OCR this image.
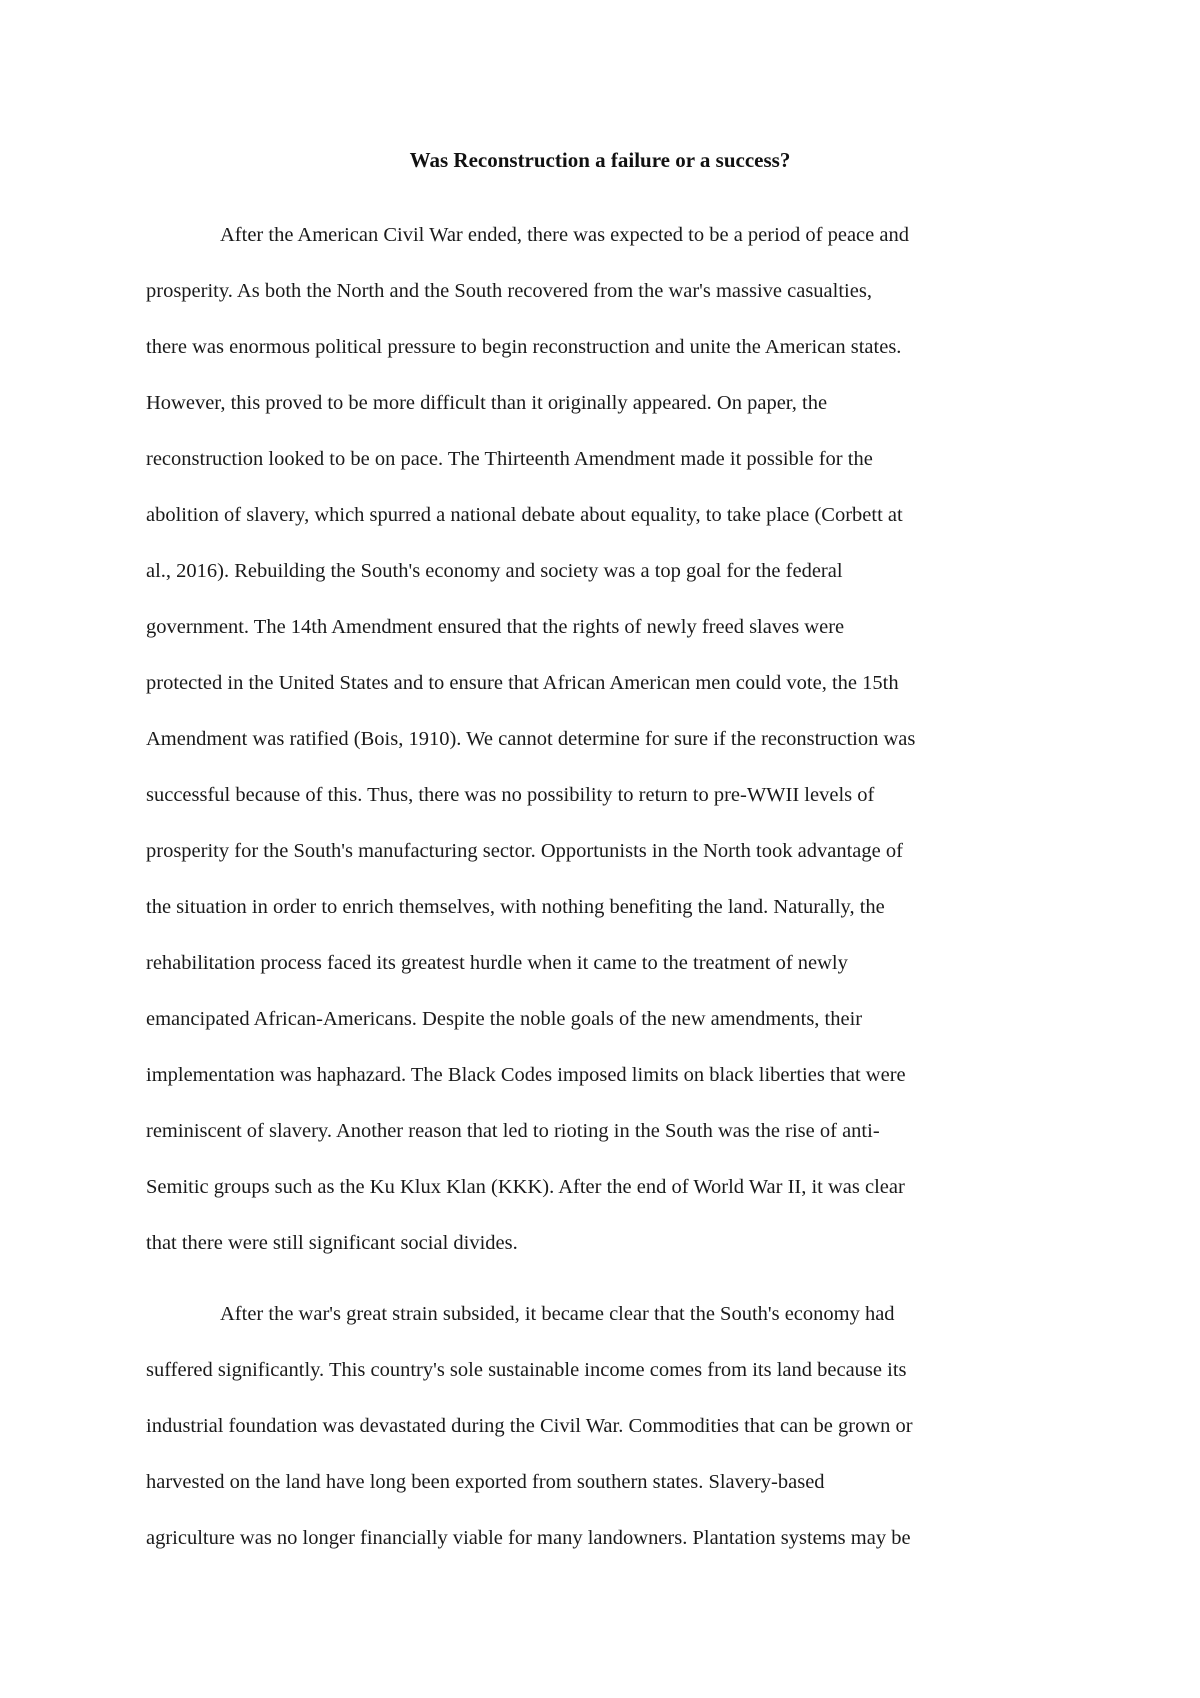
Was Reconstruction a failure or a success?

After the American Civil War ended, there was expected to be a period of peace and

prosperity. As both the North and the South recovered from the war's massive casualties,

there was enormous political pressure to begin reconstruction and unite the American states.

However, this proved to be more difficult than it originally appeared. On paper, the

reconstruction looked to be on pace. The Thirteenth Amendment made it possible for the

abolition of slavery, which spurred a national debate about equality, to take place (Corbett at

al., 2016). Rebuilding the South's economy and society was a top goal for the federal

government. The 14th Amendment ensured that the rights of newly freed slaves were

protected in the United States and to ensure that African American men could vote, the 15th

Amendment was ratified (Bois, 1910). We cannot determine for sure if the reconstruction was

successful because of this. Thus, there was no possibility to return to pre-WWII levels of

prosperity for the South's manufacturing sector. Opportunists in the North took advantage of

the situation in order to enrich themselves, with nothing benefiting the land. Naturally, the

rehabilitation process faced its greatest hurdle when it came to the treatment of newly

emancipated African-Americans. Despite the noble goals of the new amendments, their

implementation was haphazard. The Black Codes imposed limits on black liberties that were

reminiscent of slavery. Another reason that led to rioting in the South was the rise of anti-

Semitic groups such as the Ku Klux Klan (KKK). After the end of World War II, it was clear

that there were still significant social divides.

After the war's great strain subsided, it became clear that the South's economy had

suffered significantly. This country's sole sustainable income comes from its land because its

industrial foundation was devastated during the Civil War. Commodities that can be grown or

harvested on the land have long been exported from southern states. Slavery-based

agriculture was no longer financially viable for many landowners. Plantation systems may be
